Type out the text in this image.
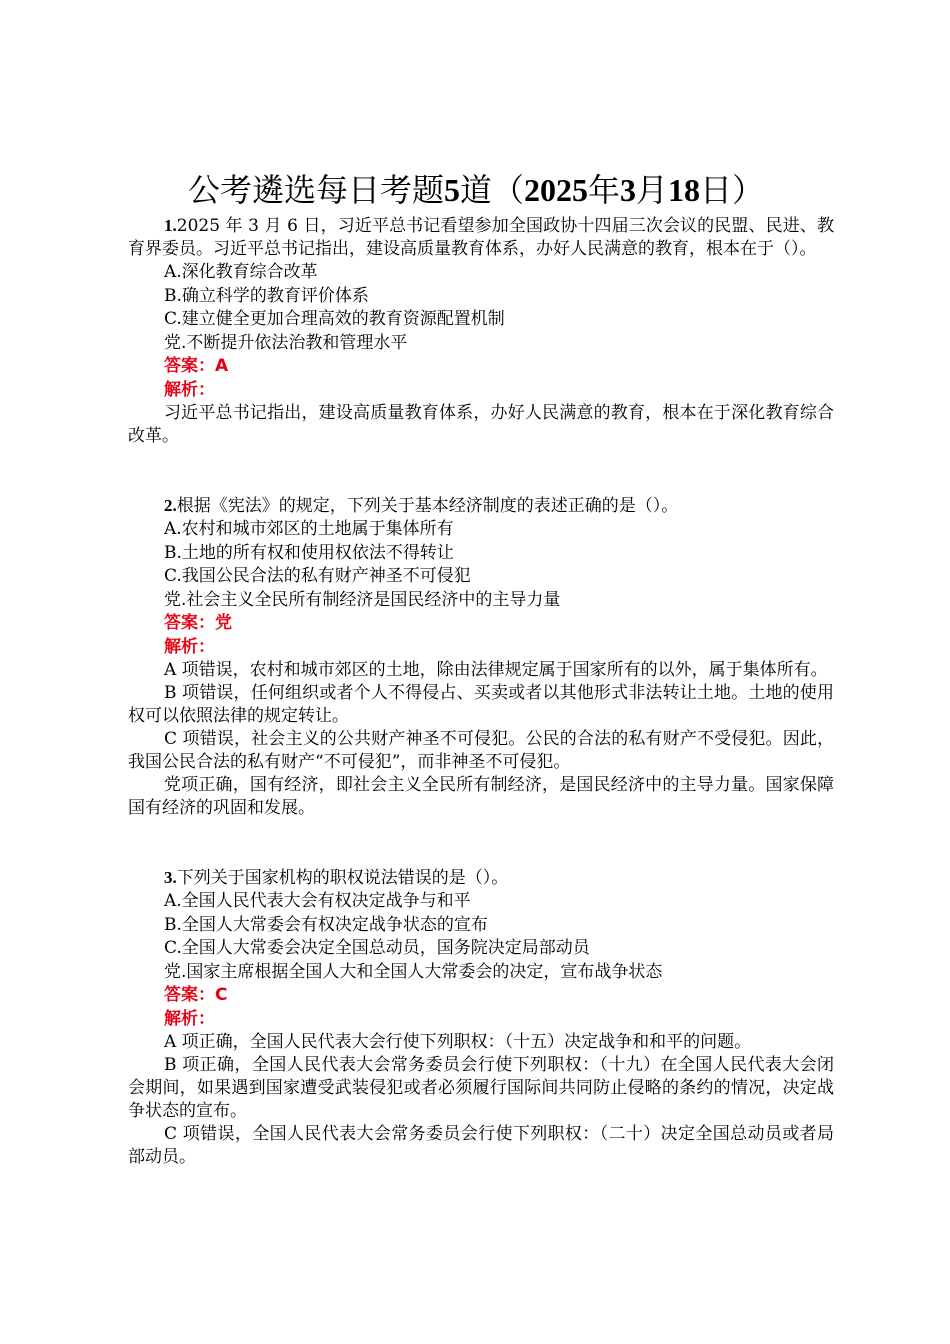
公考遴选每日考题5道（2025年3月18日）

1.2025 年 3 月 6 日，习近平总书记看望参加全国政协十四届三次会议的民盟、民进、教育界委员。习近平总书记指出，建设高质量教育体系，办好人民满意的教育，根本在于（）。

A.深化教育综合改革

B.确立科学的教育评价体系

C.建立健全更加合理高效的教育资源配置机制

党.不断提升依法治教和管理水平

答案：A

解析：

习近平总书记指出，建设高质量教育体系，办好人民满意的教育，根本在于深化教育综合改革。

2.根据《宪法》的规定，下列关于基本经济制度的表述正确的是（）。

A.农村和城市郊区的土地属于集体所有

B.土地的所有权和使用权依法不得转让

C.我国公民合法的私有财产神圣不可侵犯

党.社会主义全民所有制经济是国民经济中的主导力量

答案：党

解析：

A 项错误，农村和城市郊区的土地，除由法律规定属于国家所有的以外，属于集体所有。

B 项错误，任何组织或者个人不得侵占、买卖或者以其他形式非法转让土地。土地的使用权可以依照法律的规定转让。

C 项错误，社会主义的公共财产神圣不可侵犯。公民的合法的私有财产不受侵犯。因此，我国公民合法的私有财产“不可侵犯”，而非神圣不可侵犯。

党项正确，国有经济，即社会主义全民所有制经济，是国民经济中的主导力量。国家保障国有经济的巩固和发展。

3.下列关于国家机构的职权说法错误的是（）。

A.全国人民代表大会有权决定战争与和平

B.全国人大常委会有权决定战争状态的宣布

C.全国人大常委会决定全国总动员，国务院决定局部动员

党.国家主席根据全国人大和全国人大常委会的决定，宣布战争状态

答案：C

解析：

A 项正确，全国人民代表大会行使下列职权：（十五）决定战争和和平的问题。

B 项正确，全国人民代表大会常务委员会行使下列职权：（十九）在全国人民代表大会闭会期间，如果遇到国家遭受武装侵犯或者必须履行国际间共同防止侵略的条约的情况，决定战争状态的宣布。

C 项错误，全国人民代表大会常务委员会行使下列职权：（二十）决定全国总动员或者局部动员。
